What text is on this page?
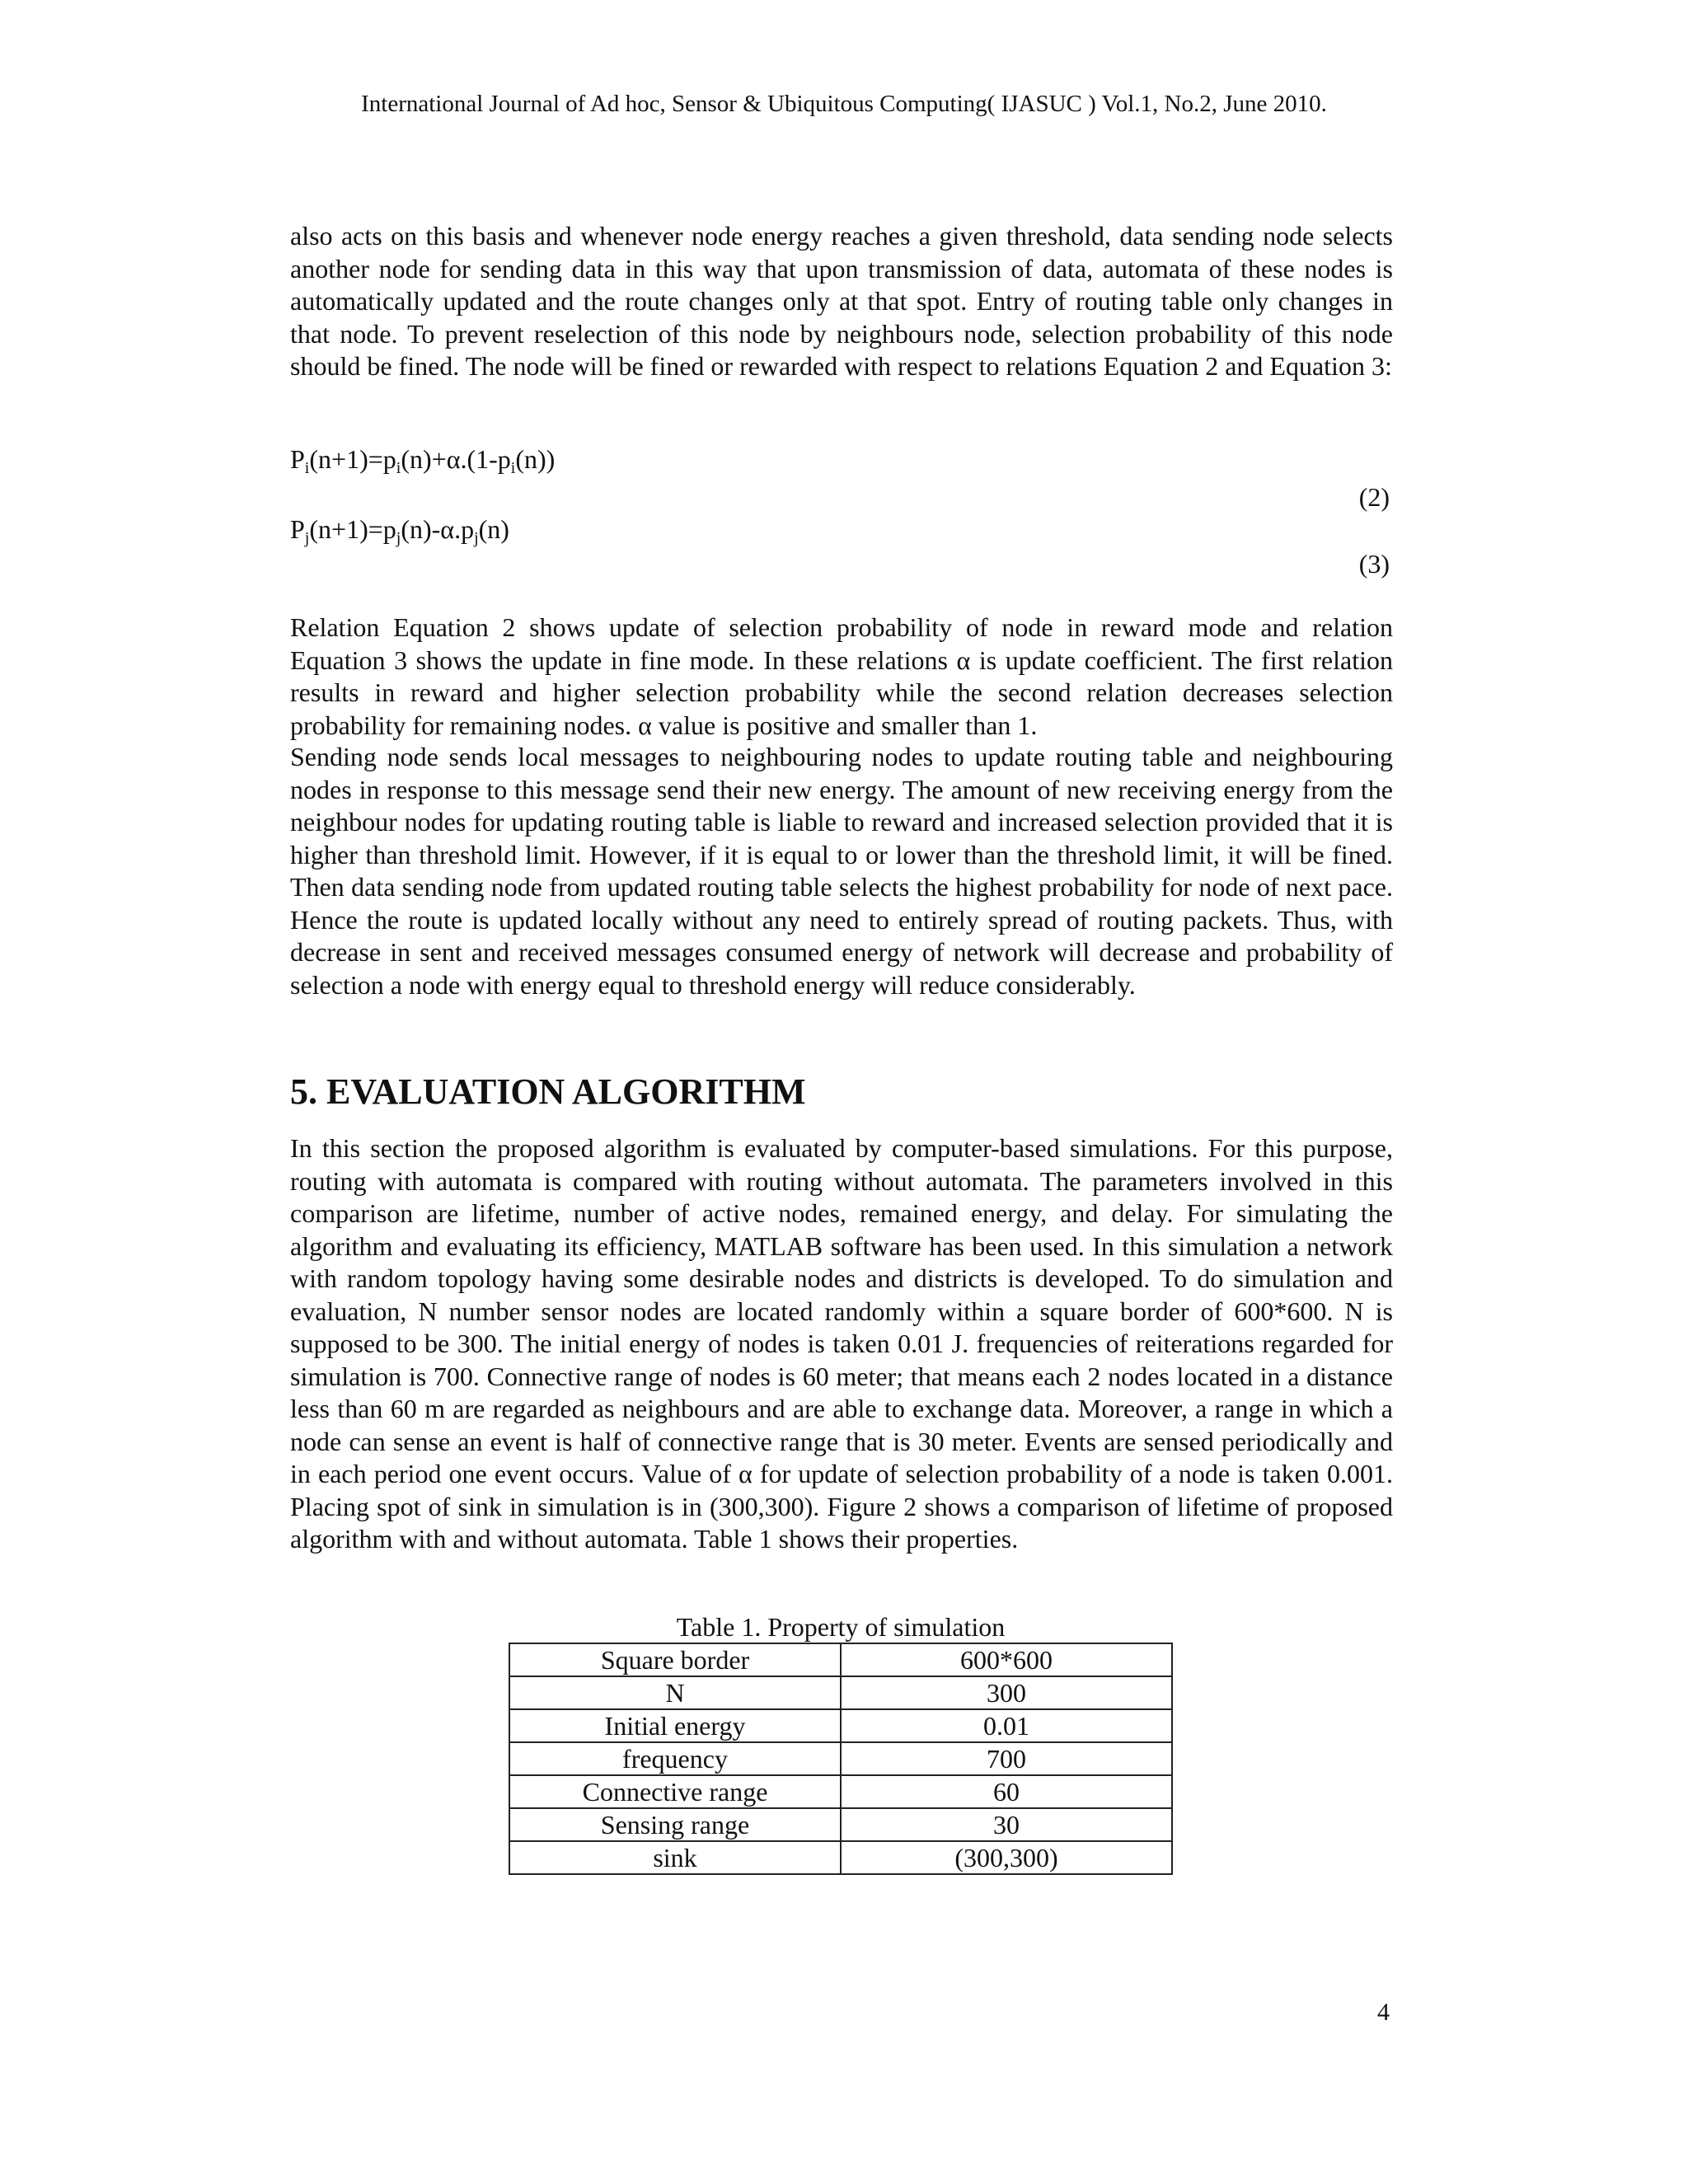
International Journal of Ad hoc, Sensor & Ubiquitous Computing( IJASUC ) Vol.1, No.2, June 2010.

also acts on this basis and whenever node energy reaches a given threshold, data sending node selects another node for sending data in this way that upon transmission of data, automata of these nodes is automatically updated and the route changes only at that spot. Entry of routing table only changes in that node. To prevent reselection of this node by neighbours node, selection probability of this node should be fined. The node will be fined or rewarded with respect to relations Equation 2 and Equation 3:

$P_i(n+1)=p_i(n)+\alpha.(1-p_i(n))$
(2)
$P_j(n+1)=p_j(n)-\alpha.p_j(n)$
(3)

Relation Equation 2 shows update of selection probability of node in reward mode and relation Equation 3 shows the update in fine mode. In these relations α is update coefficient. The first relation results in reward and higher selection probability while the second relation decreases selection probability for remaining nodes. α value is positive and smaller than 1.

Sending node sends local messages to neighbouring nodes to update routing table and neighbouring nodes in response to this message send their new energy. The amount of new receiving energy from the neighbour nodes for updating routing table is liable to reward and increased selection provided that it is higher than threshold limit. However, if it is equal to or lower than the threshold limit, it will be fined. Then data sending node from updated routing table selects the highest probability for node of next pace. Hence the route is updated locally without any need to entirely spread of routing packets. Thus, with decrease in sent and received messages consumed energy of network will decrease and probability of selection a node with energy equal to threshold energy will reduce considerably.

5. EVALUATION ALGORITHM

In this section the proposed algorithm is evaluated by computer-based simulations. For this purpose, routing with automata is compared with routing without automata. The parameters involved in this comparison are lifetime, number of active nodes, remained energy, and delay. For simulating the algorithm and evaluating its efficiency, MATLAB software has been used. In this simulation a network with random topology having some desirable nodes and districts is developed. To do simulation and evaluation, N number sensor nodes are located randomly within a square border of 600*600. N is supposed to be 300. The initial energy of nodes is taken 0.01 J. frequencies of reiterations regarded for simulation is 700. Connective range of nodes is 60 meter; that means each 2 nodes located in a distance less than 60 m are regarded as neighbours and are able to exchange data. Moreover, a range in which a node can sense an event is half of connective range that is 30 meter. Events are sensed periodically and in each period one event occurs. Value of α for update of selection probability of a node is taken 0.001. Placing spot of sink in simulation is in (300,300). Figure 2 shows a comparison of lifetime of proposed algorithm with and without automata. Table 1 shows their properties.

Table 1. Property of simulation
Square border	600*600
N	300
Initial energy	0.01
frequency	700
Connective range	60
Sensing range	30
sink	(300,300)
4
